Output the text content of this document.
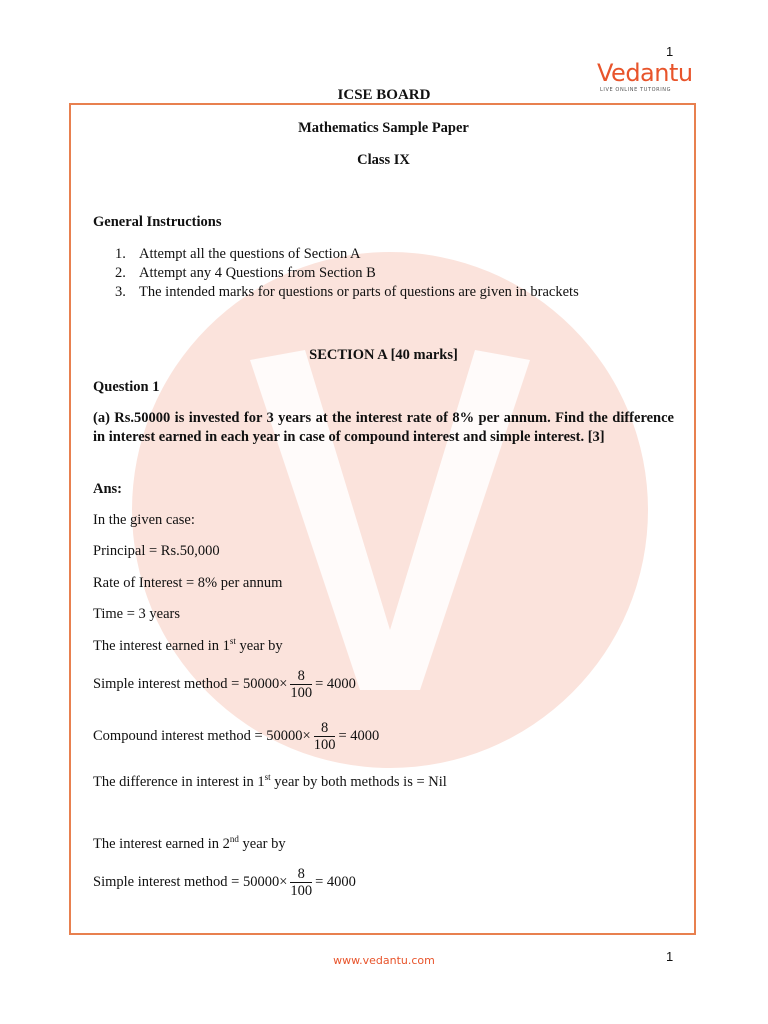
1
Vedantu
LIVE ONLINE TUTORING
ICSE BOARD
Mathematics Sample Paper
Class IX
General Instructions
1. Attempt all the questions of Section A
2. Attempt any 4 Questions from Section B
3. The intended marks for questions or parts of questions are given in brackets
SECTION A [40 marks]
Question 1
(a) Rs.50000 is invested for 3 years at the interest rate of 8% per annum. Find the difference in interest earned in each year in case of compound interest and simple interest. [3]
Ans:
In the given case:
Principal = Rs.50,000
Rate of Interest = 8% per annum
Time = 3 years
The interest earned in 1st year by
Simple interest method = $50000\times \frac{8}{100} = 4000$
Compound interest method = $50000\times \frac{8}{100} = 4000$
The difference in interest in 1st year by both methods is = Nil
The interest earned in 2nd year by
Simple interest method = $50000\times \frac{8}{100} = 4000$
www.vedantu.com	1
